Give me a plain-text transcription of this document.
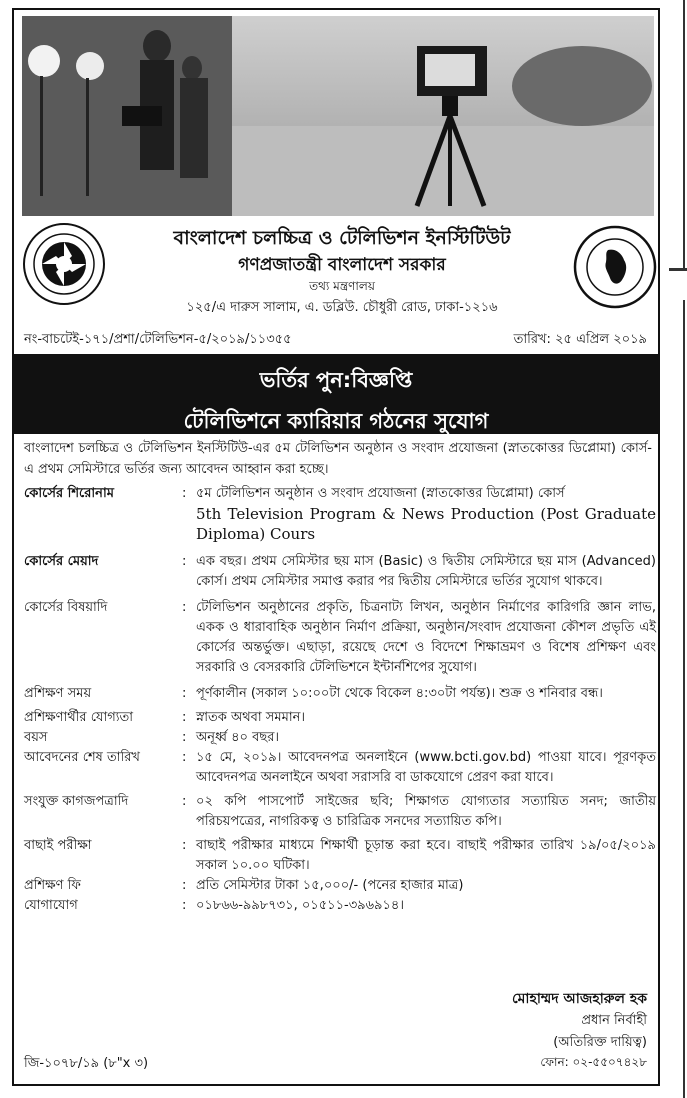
বাংলাদেশ চলচ্চিত্র ও টেলিভিশন ইনস্টিটিউট
গণপ্রজাতন্ত্রী বাংলাদেশ সরকার
তথ্য মন্ত্রণালয়
১২৫/এ দারুস সালাম, এ. ডব্লিউ. চৌধুরী রোড, ঢাকা-১২১৬
নং-বাচটেই-১৭১/প্রশা/টেলিভিশন-৫/২০১৯/১১৩৫৫	তারিখ: ২৫ এপ্রিল ২০১৯
ভর্তির পুন:বিজ্ঞপ্তি
টেলিভিশনে ক্যারিয়ার গঠনের সুযোগ
বাংলাদেশ চলচ্চিত্র ও টেলিভিশন ইনস্টিটিউ-এর ৫ম টেলিভিশন অনুষ্ঠান ও সংবাদ প্রযোজনা (স্নাতকোত্তর ডিপ্লোমা) কোর্স-এ প্রথম সেমিস্টারে ভর্তির জন্য আবেদন আহ্বান করা হচ্ছে।
কোর্সের শিরোনাম	: ৫ম টেলিভিশন অনুষ্ঠান ও সংবাদ প্রযোজনা (স্নাতকোত্তর ডিপ্লোমা) কোর্স
5th Television Program & News Production (Post Graduate Diploma) Cours
কোর্সের মেয়াদ	: এক বছর। প্রথম সেমিস্টার ছয় মাস (Basic) ও দ্বিতীয় সেমিস্টারে ছয় মাস (Advanced) কোর্স। প্রথম সেমিস্টার সমাপ্ত করার পর দ্বিতীয় সেমিস্টারে ভর্তির সুযোগ থাকবে।
কোর্সের বিষয়াদি	: টেলিভিশন অনুষ্ঠানের প্রকৃতি, চিত্রনাট্য লিখন, অনুষ্ঠান নির্মাণের কারিগরি জ্ঞান লাভ, একক ও ধারাবাহিক অনুষ্ঠান নির্মাণ প্রক্রিয়া, অনুষ্ঠান/সংবাদ প্রযোজনা কৌশল প্রভৃতি এই কোর্সের অন্তর্ভুক্ত। এছাড়া, রয়েছে দেশে ও বিদেশে শিক্ষাভ্রমণ ও বিশেষ প্রশিক্ষণ এবং সরকারি ও বেসরকারি টেলিভিশনে ইন্টার্নশিপের সুযোগ।
প্রশিক্ষণ সময়	: পূর্ণকালীন (সকাল ১০:০০টা থেকে বিকেল ৪:৩০টা পর্যন্ত)। শুক্র ও শনিবার বন্ধ।
প্রশিক্ষণার্থীর যোগ্যতা	: স্নাতক অথবা সমমান।
বয়স	: অনূর্ধ্ব ৪০ বছর।
আবেদনের শেষ তারিখ	: ১৫ মে, ২০১৯। আবেদনপত্র অনলাইনে (www.bcti.gov.bd) পাওয়া যাবে। পূরণকৃত আবেদনপত্র অনলাইনে অথবা সরাসরি বা ডাকযোগে প্রেরণ করা যাবে।
সংযুক্ত কাগজপত্রাদি	: ০২ কপি পাসপোর্ট সাইজের ছবি; শিক্ষাগত যোগ্যতার সত্যায়িত সনদ; জাতীয় পরিচয়পত্রের, নাগরিকত্ব ও চারিত্রিক সনদের সত্যায়িত কপি।
বাছাই পরীক্ষা	: বাছাই পরীক্ষার মাধ্যমে শিক্ষার্থী চূড়ান্ত করা হবে। বাছাই পরীক্ষার তারিখ ১৯/০৫/২০১৯ সকাল ১০.০০ ঘটিকা।
প্রশিক্ষণ ফি	: প্রতি সেমিস্টার টাকা ১৫,০০০/- (পনের হাজার মাত্র)
যোগাযোগ	: ০১৮৬৬-৯৯৮৭৩১, ০১৫১১-৩৯৬৯১৪।
মোহাম্মদ আজহারুল হক
প্রধান নির্বাহী
(অতিরিক্ত দায়িত্ব)
জি-১০৭৮/১৯ (৮"x ৩)	ফোন: ০২-৫৫০৭৪২৮
